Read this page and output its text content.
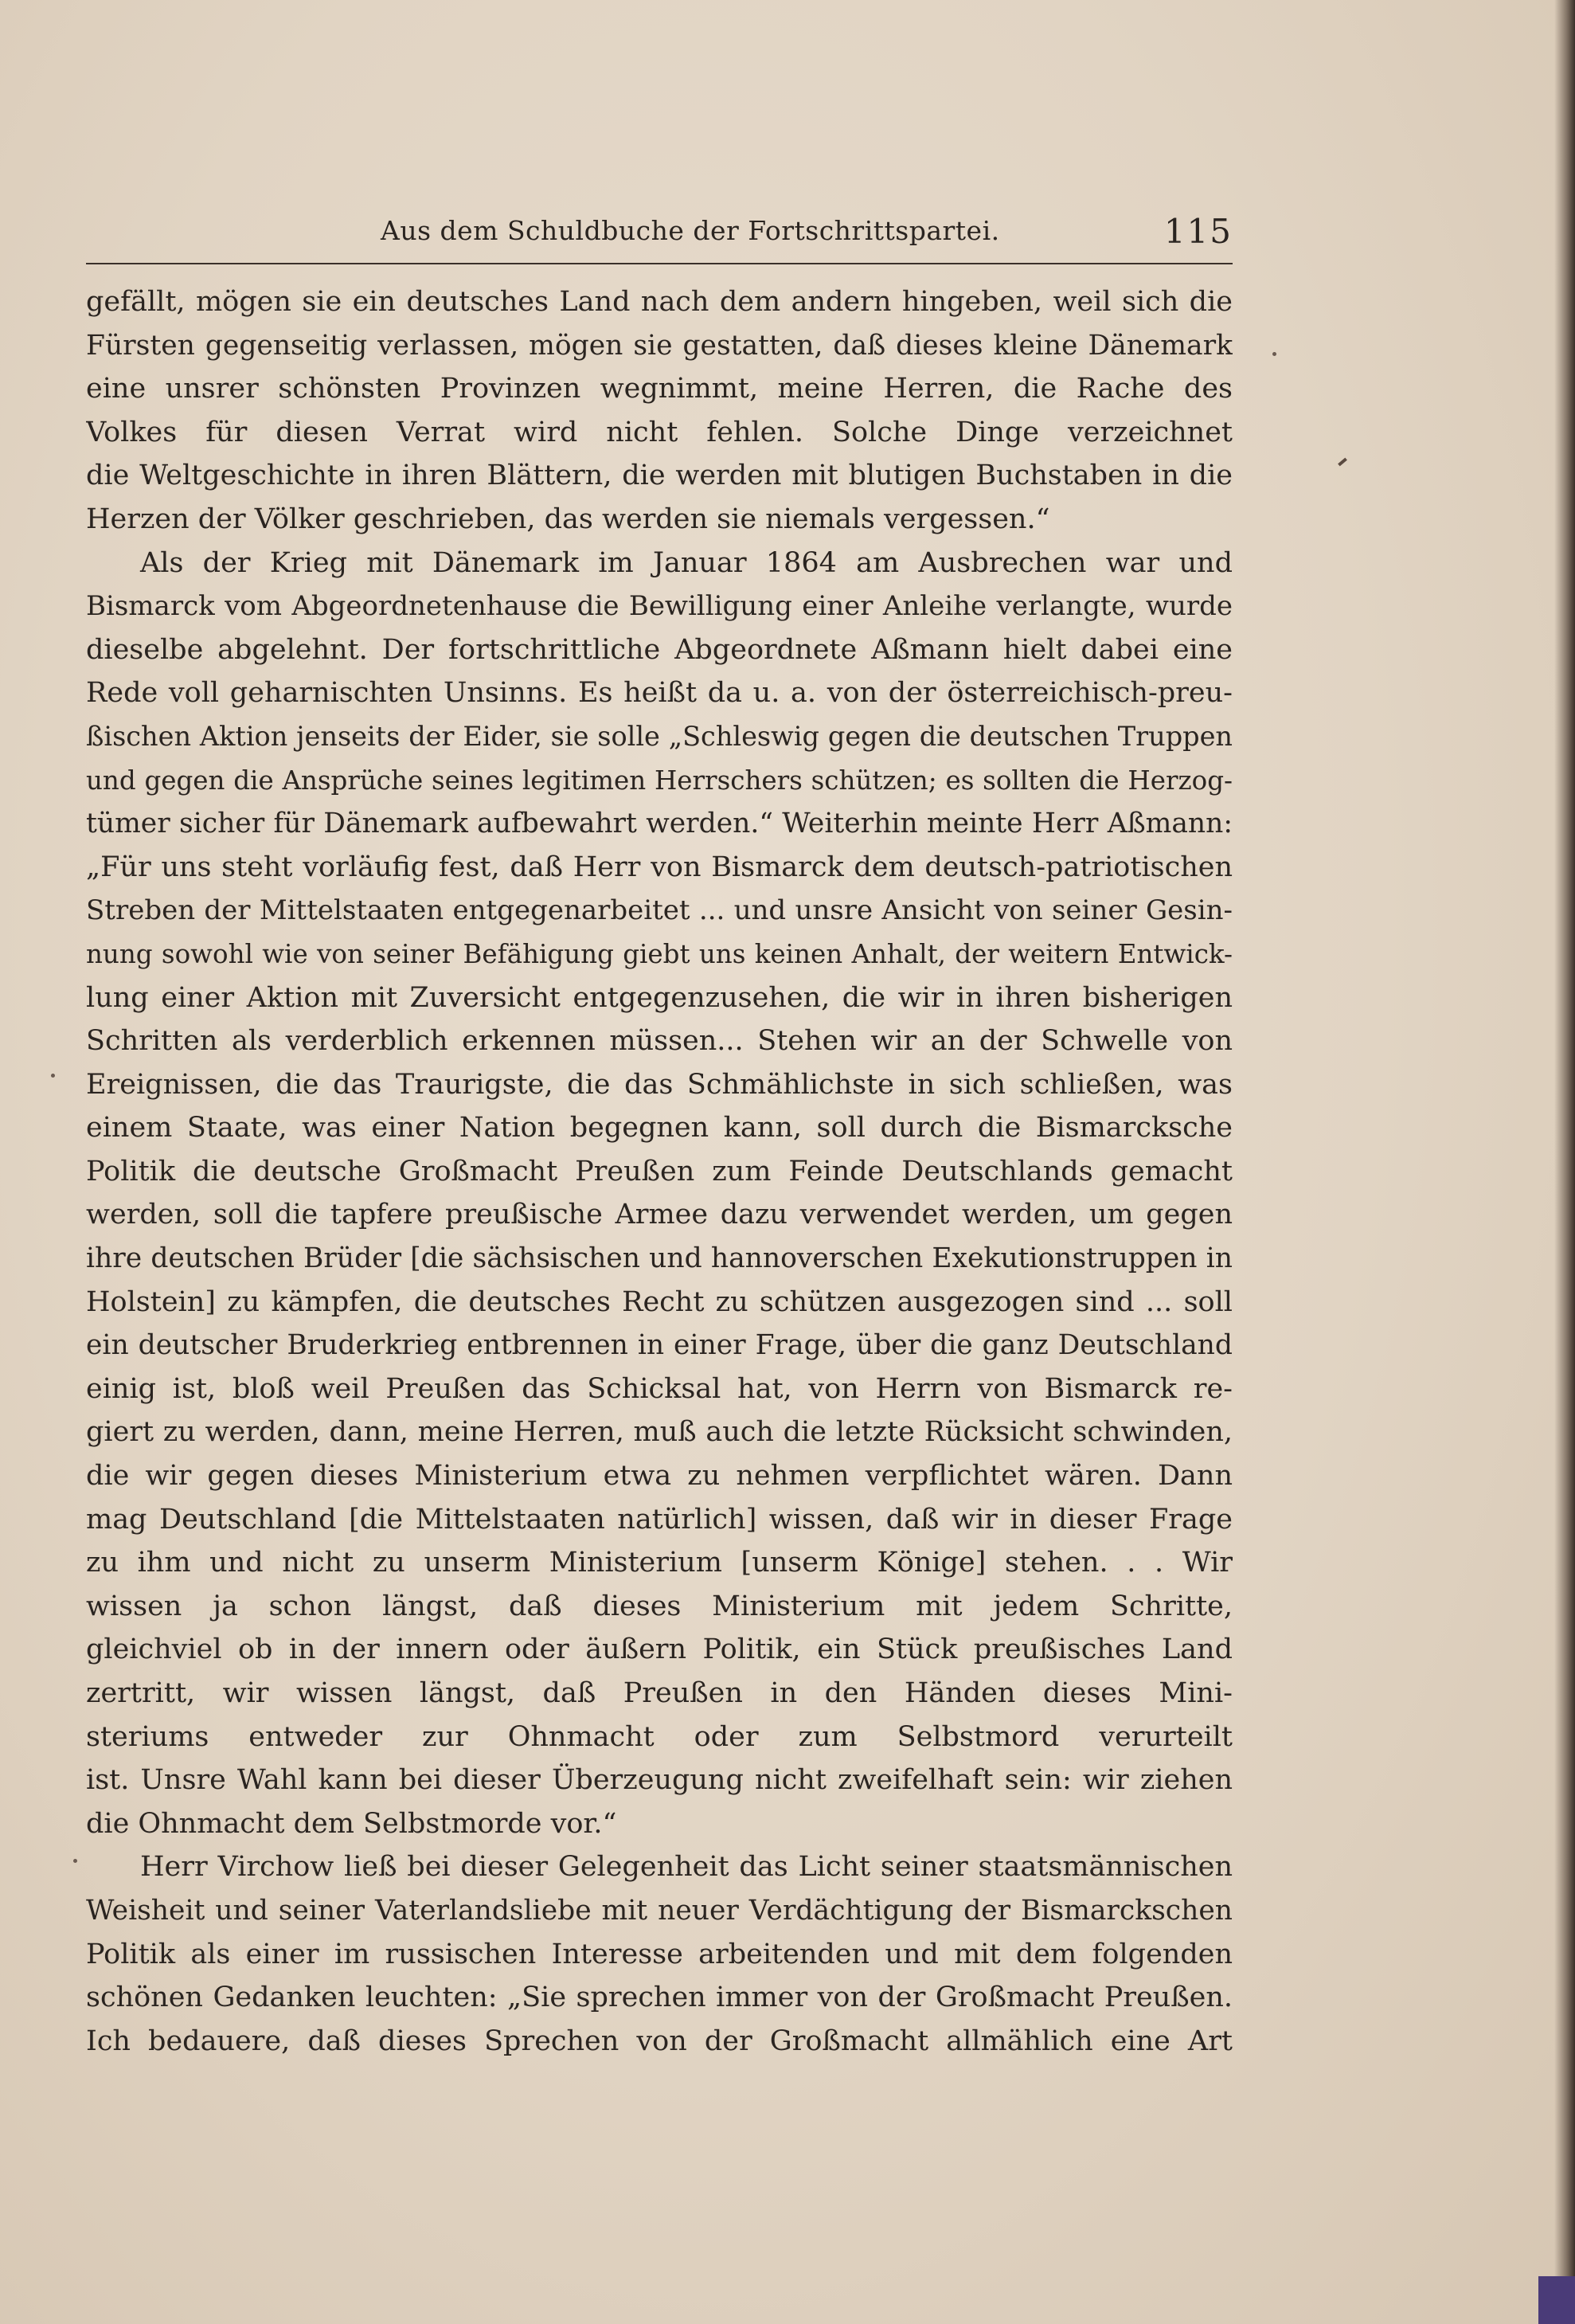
Aus dem Schuldbuche der Fortschrittspartei.	115
gefällt, mögen sie ein deutsches Land nach dem andern hingeben, weil sich die
Fürsten gegenseitig verlassen, mögen sie gestatten, daß dieses kleine Dänemark
eine unsrer schönsten Provinzen wegnimmt, meine Herren, die Rache des
Volkes für diesen Verrat wird nicht fehlen. Solche Dinge verzeichnet
die Weltgeschichte in ihren Blättern, die werden mit blutigen Buchstaben in die
Herzen der Völker geschrieben, das werden sie niemals vergessen.“
Als der Krieg mit Dänemark im Januar 1864 am Ausbrechen war und
Bismarck vom Abgeordnetenhause die Bewilligung einer Anleihe verlangte, wurde
dieselbe abgelehnt. Der fortschrittliche Abgeordnete Aßmann hielt dabei eine
Rede voll geharnischten Unsinns. Es heißt da u. a. von der österreichisch-preu-
ßischen Aktion jenseits der Eider, sie solle „Schleswig gegen die deutschen Truppen
und gegen die Ansprüche seines legitimen Herrschers schützen; es sollten die Herzog-
tümer sicher für Dänemark aufbewahrt werden.“ Weiterhin meinte Herr Aßmann:
„Für uns steht vorläufig fest, daß Herr von Bismarck dem deutsch-patriotischen
Streben der Mittelstaaten entgegenarbeitet ... und unsre Ansicht von seiner Gesin-
nung sowohl wie von seiner Befähigung giebt uns keinen Anhalt, der weitern Entwick-
lung einer Aktion mit Zuversicht entgegenzusehen, die wir in ihren bisherigen
Schritten als verderblich erkennen müssen... Stehen wir an der Schwelle von
Ereignissen, die das Traurigste, die das Schmählichste in sich schließen, was
einem Staate, was einer Nation begegnen kann, soll durch die Bismarcksche
Politik die deutsche Großmacht Preußen zum Feinde Deutschlands gemacht
werden, soll die tapfere preußische Armee dazu verwendet werden, um gegen
ihre deutschen Brüder [die sächsischen und hannoverschen Exekutionstruppen in
Holstein] zu kämpfen, die deutsches Recht zu schützen ausgezogen sind ... soll
ein deutscher Bruderkrieg entbrennen in einer Frage, über die ganz Deutschland
einig ist, bloß weil Preußen das Schicksal hat, von Herrn von Bismarck re-
giert zu werden, dann, meine Herren, muß auch die letzte Rücksicht schwinden,
die wir gegen dieses Ministerium etwa zu nehmen verpflichtet wären. Dann
mag Deutschland [die Mittelstaaten natürlich] wissen, daß wir in dieser Frage
zu ihm und nicht zu unserm Ministerium [unserm Könige] stehen. . . Wir
wissen ja schon längst, daß dieses Ministerium mit jedem Schritte,
gleichviel ob in der innern oder äußern Politik, ein Stück preußisches Land
zertritt, wir wissen längst, daß Preußen in den Händen dieses Mini-
steriums entweder zur Ohnmacht oder zum Selbstmord verurteilt
ist. Unsre Wahl kann bei dieser Überzeugung nicht zweifelhaft sein: wir ziehen
die Ohnmacht dem Selbstmorde vor.“
Herr Virchow ließ bei dieser Gelegenheit das Licht seiner staatsmännischen
Weisheit und seiner Vaterlandsliebe mit neuer Verdächtigung der Bismarckschen
Politik als einer im russischen Interesse arbeitenden und mit dem folgenden
schönen Gedanken leuchten: „Sie sprechen immer von der Großmacht Preußen.
Ich bedauere, daß dieses Sprechen von der Großmacht allmählich eine Art
